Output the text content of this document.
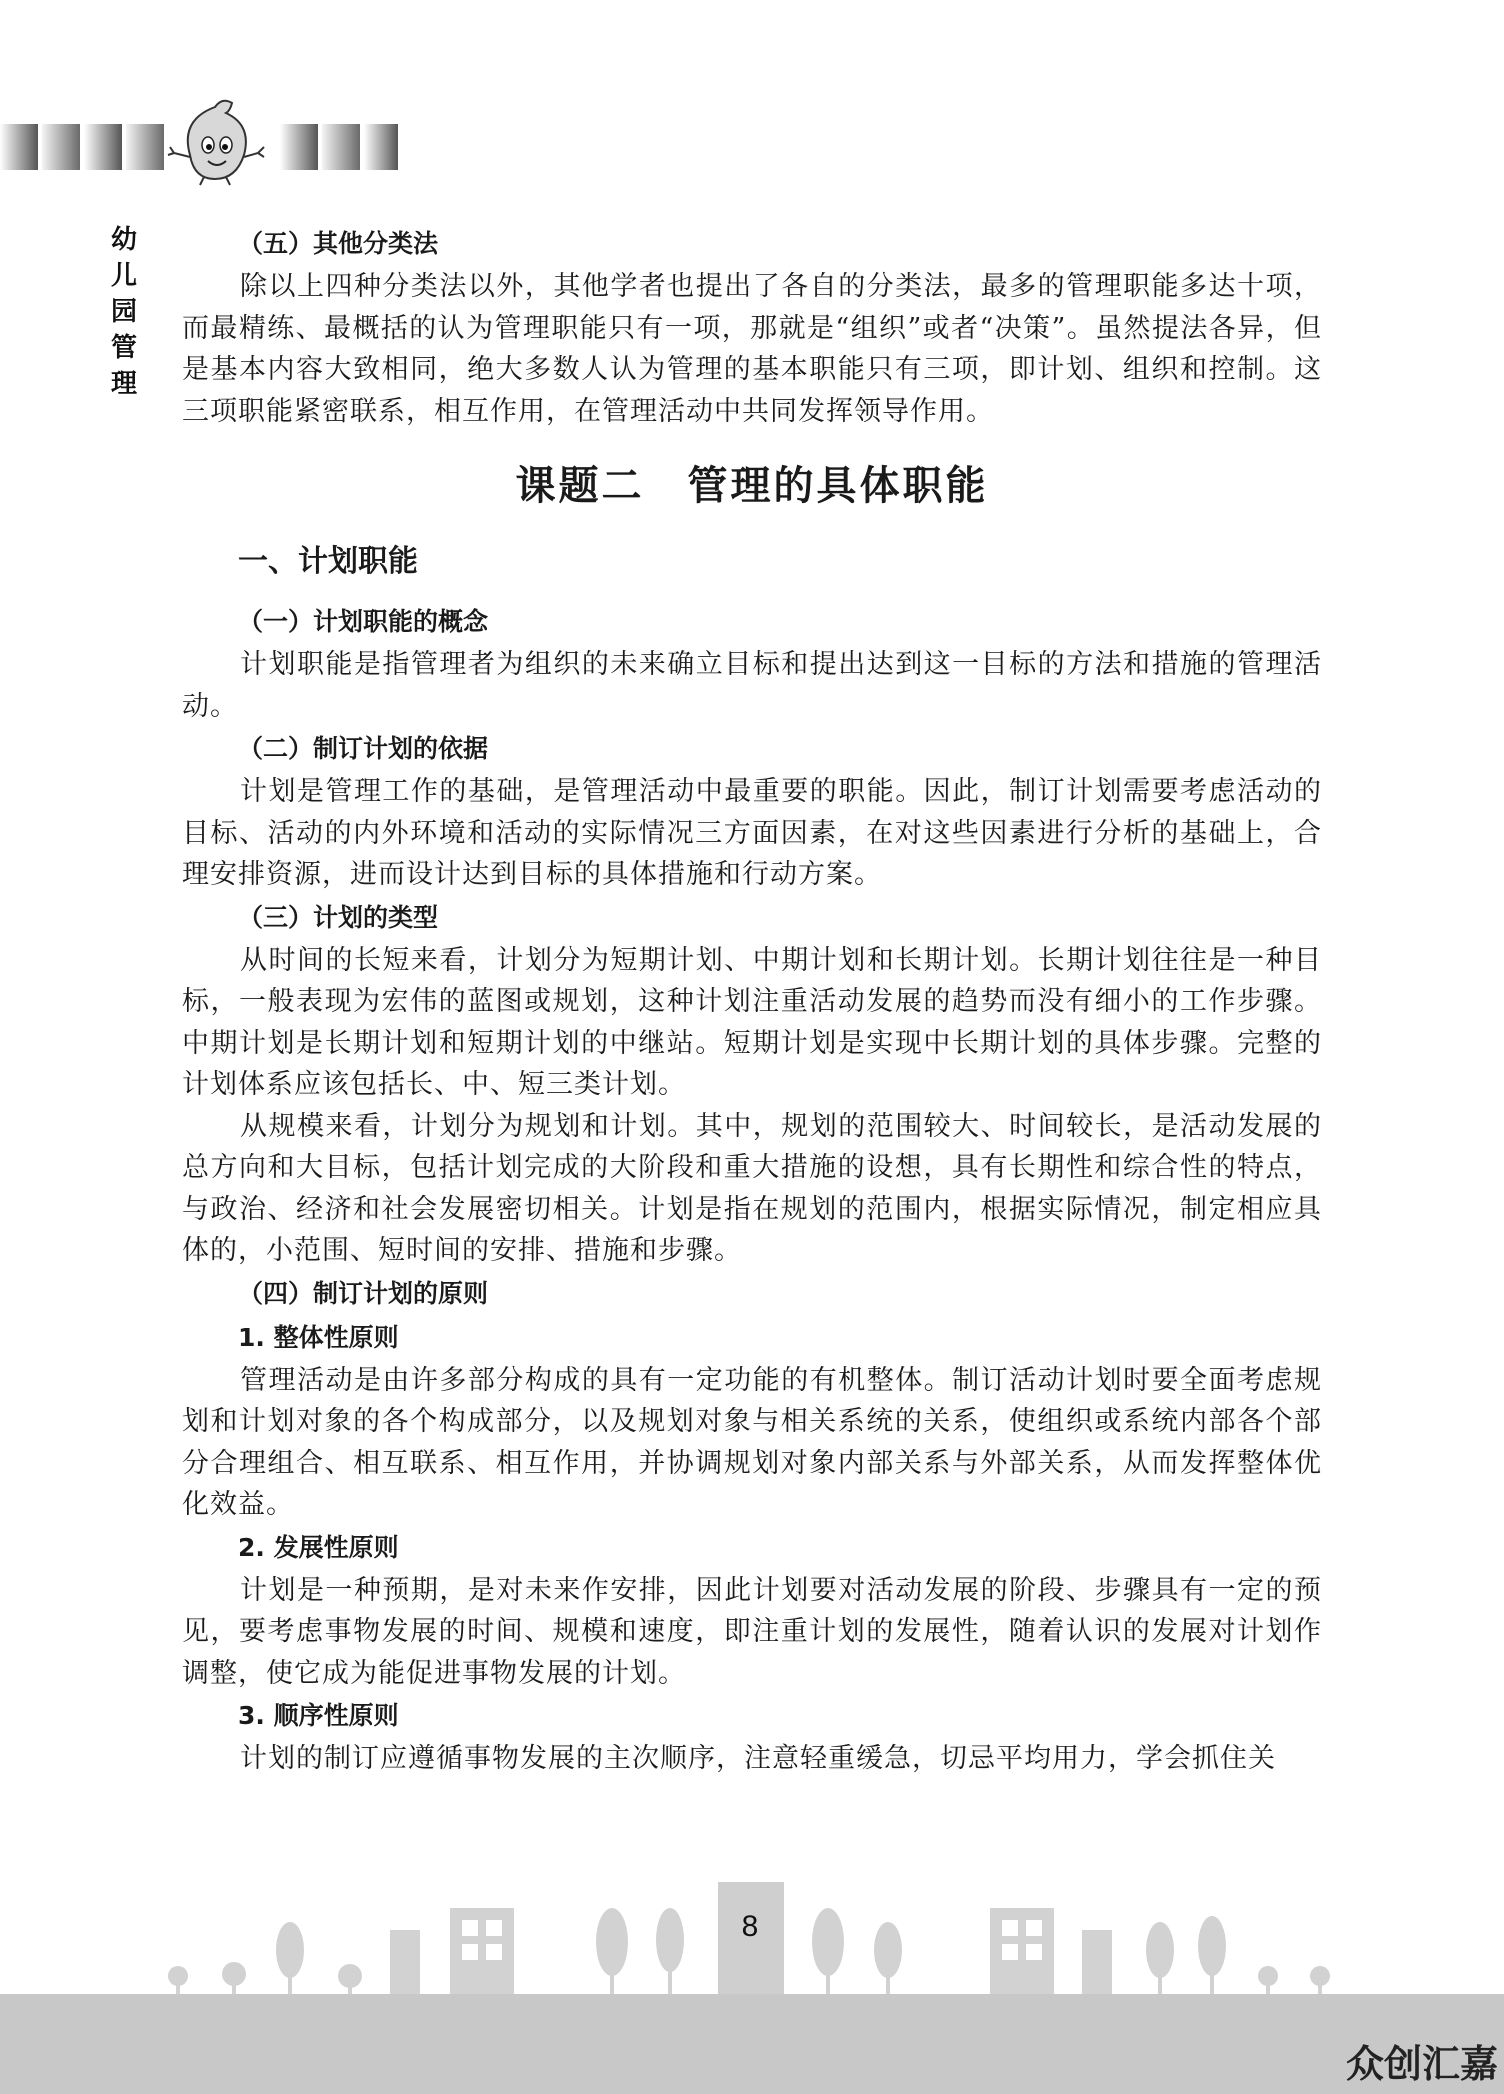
幼
儿
园
管
理
（五）其他分类法

除以上四种分类法以外，其他学者也提出了各自的分类法，最多的管理职能多达十项，而最精练、最概括的认为管理职能只有一项，那就是“组织”或者“决策”。虽然提法各异，但是基本内容大致相同，绝大多数人认为管理的基本职能只有三项，即计划、组织和控制。这三项职能紧密联系，相互作用，在管理活动中共同发挥领导作用。

课题二　管理的具体职能
一、计划职能
（一）计划职能的概念

计划职能是指管理者为组织的未来确立目标和提出达到这一目标的方法和措施的管理活动。

（二）制订计划的依据

计划是管理工作的基础，是管理活动中最重要的职能。因此，制订计划需要考虑活动的目标、活动的内外环境和活动的实际情况三方面因素，在对这些因素进行分析的基础上，合理安排资源，进而设计达到目标的具体措施和行动方案。

（三）计划的类型

从时间的长短来看，计划分为短期计划、中期计划和长期计划。长期计划往往是一种目标，一般表现为宏伟的蓝图或规划，这种计划注重活动发展的趋势而没有细小的工作步骤。中期计划是长期计划和短期计划的中继站。短期计划是实现中长期计划的具体步骤。完整的计划体系应该包括长、中、短三类计划。

从规模来看，计划分为规划和计划。其中，规划的范围较大、时间较长，是活动发展的总方向和大目标，包括计划完成的大阶段和重大措施的设想，具有长期性和综合性的特点，与政治、经济和社会发展密切相关。计划是指在规划的范围内，根据实际情况，制定相应具体的，小范围、短时间的安排、措施和步骤。

（四）制订计划的原则
1. 整体性原则

管理活动是由许多部分构成的具有一定功能的有机整体。制订活动计划时要全面考虑规划和计划对象的各个构成部分，以及规划对象与相关系统的关系，使组织或系统内部各个部分合理组合、相互联系、相互作用，并协调规划对象内部关系与外部关系，从而发挥整体优化效益。

2. 发展性原则

计划是一种预期，是对未来作安排，因此计划要对活动发展的阶段、步骤具有一定的预见，要考虑事物发展的时间、规模和速度，即注重计划的发展性，随着认识的发展对计划作调整，使它成为能促进事物发展的计划。

3. 顺序性原则

计划的制订应遵循事物发展的主次顺序，注意轻重缓急，切忌平均用力，学会抓住关

8
众创汇嘉
